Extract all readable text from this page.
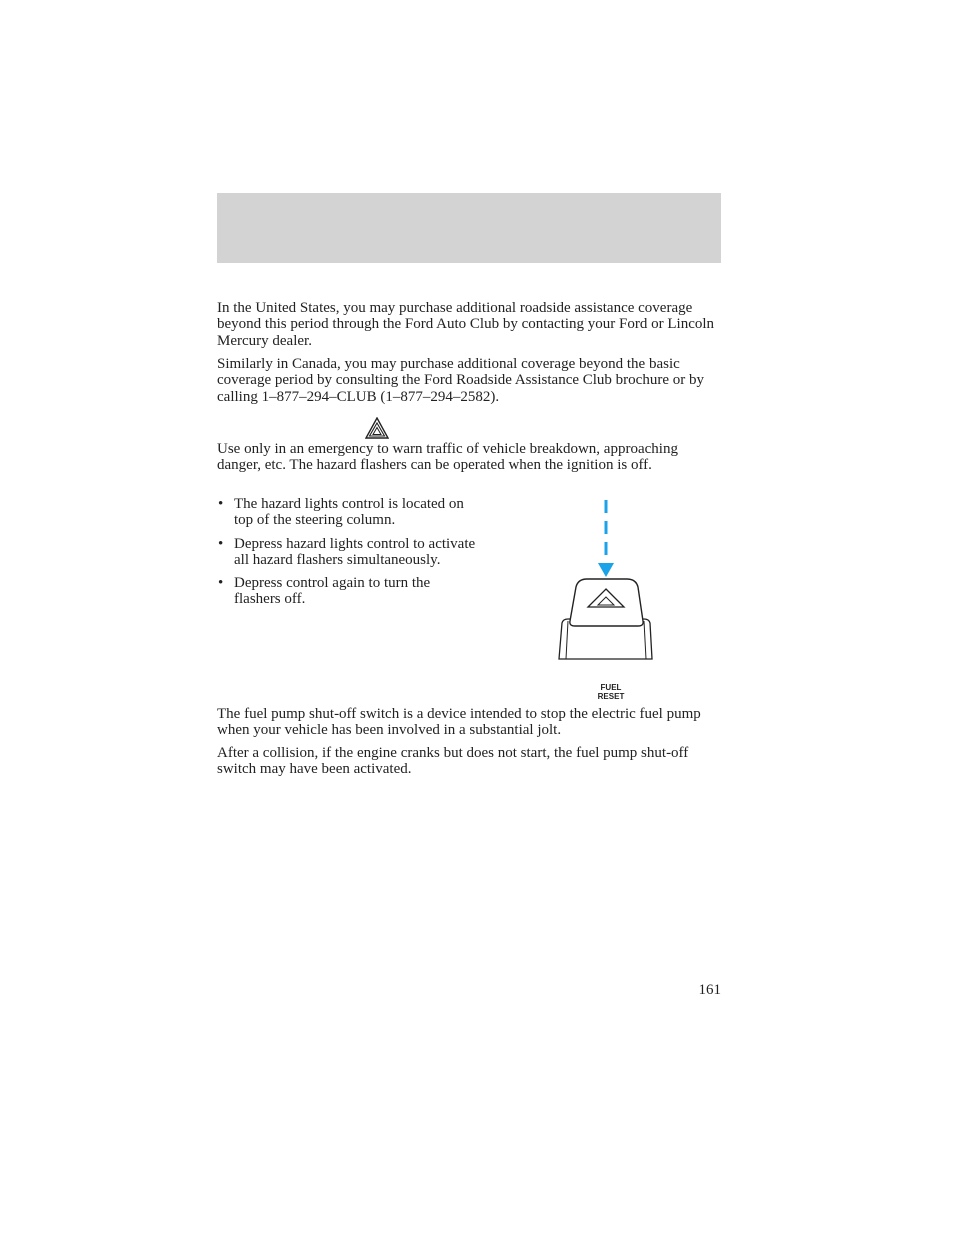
In the United States, you may purchase additional roadside assistance coverage beyond this period through the Ford Auto Club by contacting your Ford or Lincoln Mercury dealer.

Similarly in Canada, you may purchase additional coverage beyond the basic coverage period by consulting the Ford Roadside Assistance Club brochure or by calling 1–877–294–CLUB (1–877–294–2582).

Use only in an emergency to warn traffic of vehicle breakdown, approaching danger, etc. The hazard flashers can be operated when the ignition is off.

• The hazard lights control is located on top of the steering column.
• Depress hazard lights control to activate all hazard flashers simultaneously.
• Depress control again to turn the flashers off.
FUEL
RESET

The fuel pump shut-off switch is a device intended to stop the electric fuel pump when your vehicle has been involved in a substantial jolt.

After a collision, if the engine cranks but does not start, the fuel pump shut-off switch may have been activated.

161
